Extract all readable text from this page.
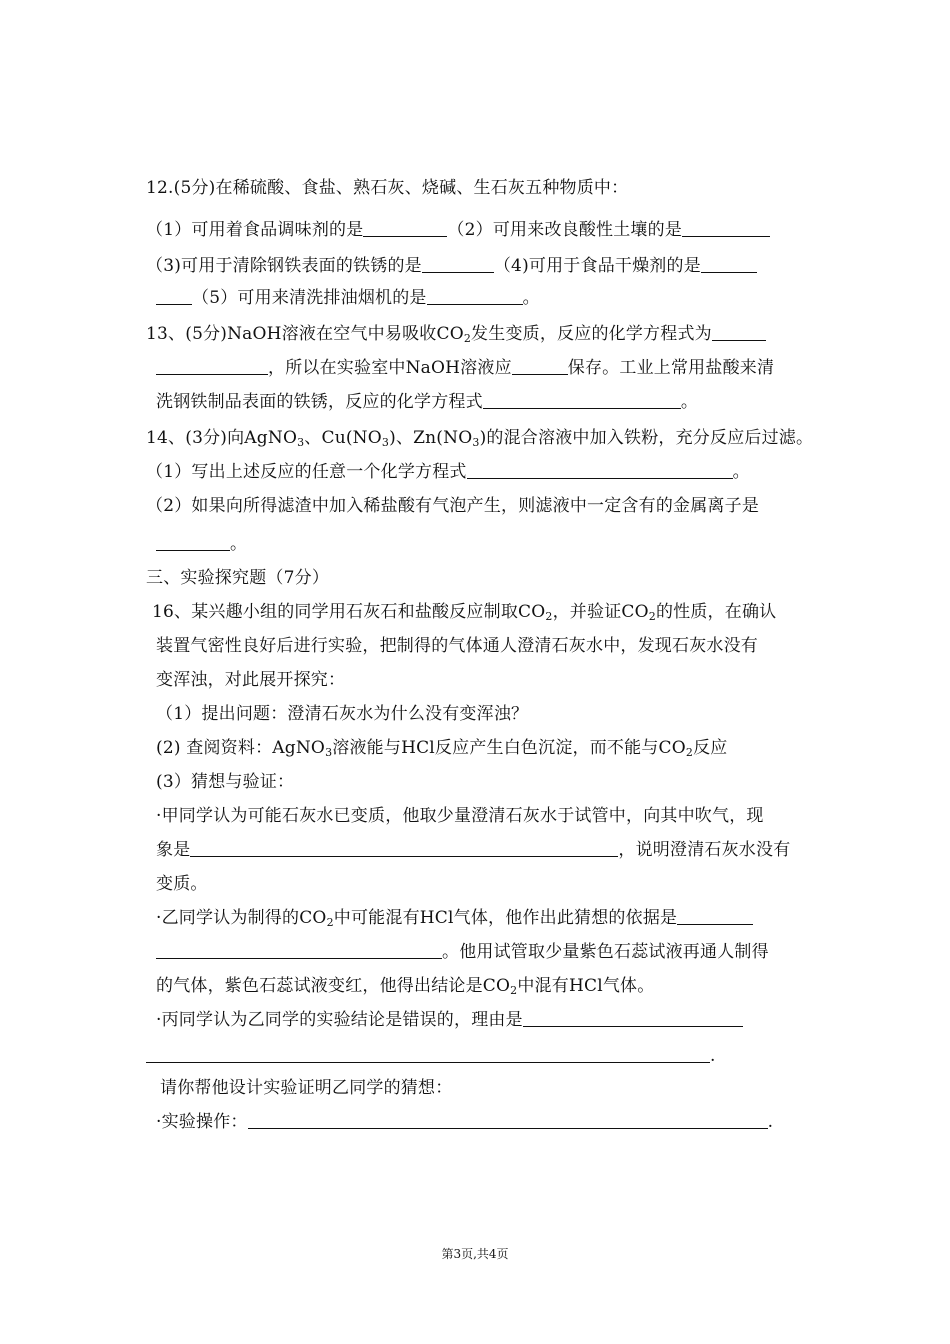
12.(5分)在稀硫酸、食盐、熟石灰、烧碱、生石灰五种物质中：
（1）可用着食品调味剂的是	（2）可用来改良酸性土壤的是
（3)可用于清除钢铁表面的铁锈的是	（4)可用于食品干燥剂的是
（5）可用来清洗排油烟机的是	。
13、(5分)NaOH溶液在空气中易吸收$CO_2$发生变质，反应的化学方程式为
，所以在实验室中NaOH溶液应	保存。工业上常用盐酸来清
洗钢铁制品表面的铁锈，反应的化学方程式	。
14、(3分)向AgNO$_3$、$Cu(NO_3)$、$Zn(NO_3)$的混合溶液中加入铁粉，充分反应后过滤。
（1）写出上述反应的任意一个化学方程式	。
（2）如果向所得滤渣中加入稀盐酸有气泡产生，则滤液中一定含有的金属离子是
。
三、实验探究题（7分）
16、某兴趣小组的同学用石灰石和盐酸反应制取$CO_2$，并验证$CO_2$的性质，在确认
装置气密性良好后进行实验，把制得的气体通人澄清石灰水中，发现石灰水没有
变浑浊，对此展开探究：
（1）提出问题：澄清石灰水为什么没有变浑浊？
(2) 查阅资料：AgNO$_3$溶液能与HCl反应产生白色沉淀，而不能与$CO_2$反应
(3）猜想与验证：
·甲同学认为可能石灰水已变质，他取少量澄清石灰水于试管中，向其中吹气，现
象是	，说明澄清石灰水没有
变质。
·乙同学认为制得的$CO_2$中可能混有HCl气体，他作出此猜想的依据是
。他用试管取少量紫色石蕊试液再通人制得
的气体，紫色石蕊试液变红，他得出结论是$CO_2$中混有HCl气体。
·丙同学认为乙同学的实验结论是错误的，理由是
.
请你帮他设计实验证明乙同学的猜想：
·实验操作：	.
第3页,共4页
